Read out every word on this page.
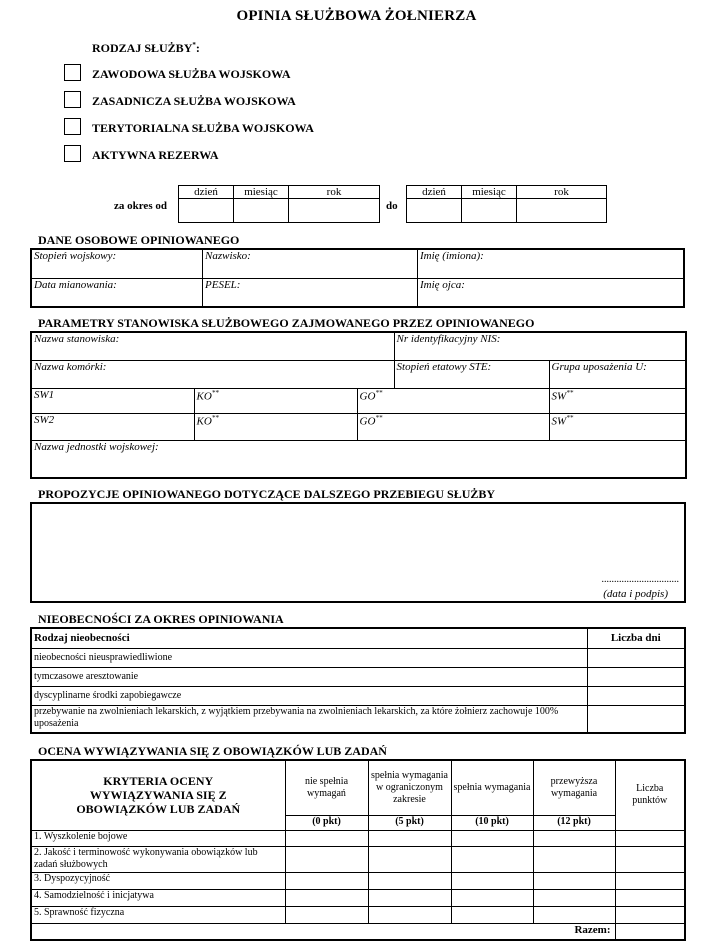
OPINIA SŁUŻBOWA ŻOŁNIERZA
RODZAJ SŁUŻBY*:
ZAWODOWA SŁUŻBA WOJSKOWA
ZASADNICZA SŁUŻBA WOJSKOWA
TERYTORIALNA SŁUŻBA WOJSKOWA
AKTYWNA REZERWA
za okres od
dzień	miesiąc	rok

do
dzień	miesiąc	rok

DANE OSOBOWE OPINIOWANEGO
Stopień wojskowy:	Nazwisko:	Imię (imiona):
Data mianowania:	PESEL:	Imię ojca:
PARAMETRY STANOWISKA SŁUŻBOWEGO ZAJMOWANEGO PRZEZ OPINIOWANEGO
Nazwa stanowiska:			Nr identyfikacyjny NIS:	
Nazwa komórki:			Stopień etatowy STE:	Grupa uposażenia U:
SW1	KO**	GO**		SW**
SW2	KO**	GO**		SW**
Nazwa jednostki wojskowej:				
PROPOZYCJE OPINIOWANEGO DOTYCZĄCE DALSZEGO PRZEBIEGU SŁUŻBY
...............................
(data i podpis)
NIEOBECNOŚCI ZA OKRES OPINIOWANIA
Rodzaj nieobecności	Liczba dni
nieobecności nieusprawiedliwione	
tymczasowe aresztowanie	
dyscyplinarne środki zapobiegawcze	
przebywanie na zwolnieniach lekarskich, z wyjątkiem przebywania na zwolnieniach lekarskich, za które żołnierz zachowuje 100% uposażenia	
OCENA WYWIĄZYWANIA SIĘ Z OBOWIĄZKÓW LUB ZADAŃ
KRYTERIA OCENY WYWIĄZYWANIA SIĘ Z OBOWIĄZKÓW LUB ZADAŃ	nie spełnia wymagań	spełnia wymagania w ograniczonym zakresie	spełnia wymagania	przewyższa wymagania	Liczba punktów
	(0 pkt)	(5 pkt)	(10 pkt)	(12 pkt)	
1. Wyszkolenie bojowe					
2. Jakość i terminowość wykonywania obowiązków lub zadań służbowych					
3. Dyspozycyjność					
4. Samodzielność i inicjatywa					
5. Sprawność fizyczna					
Razem:					
